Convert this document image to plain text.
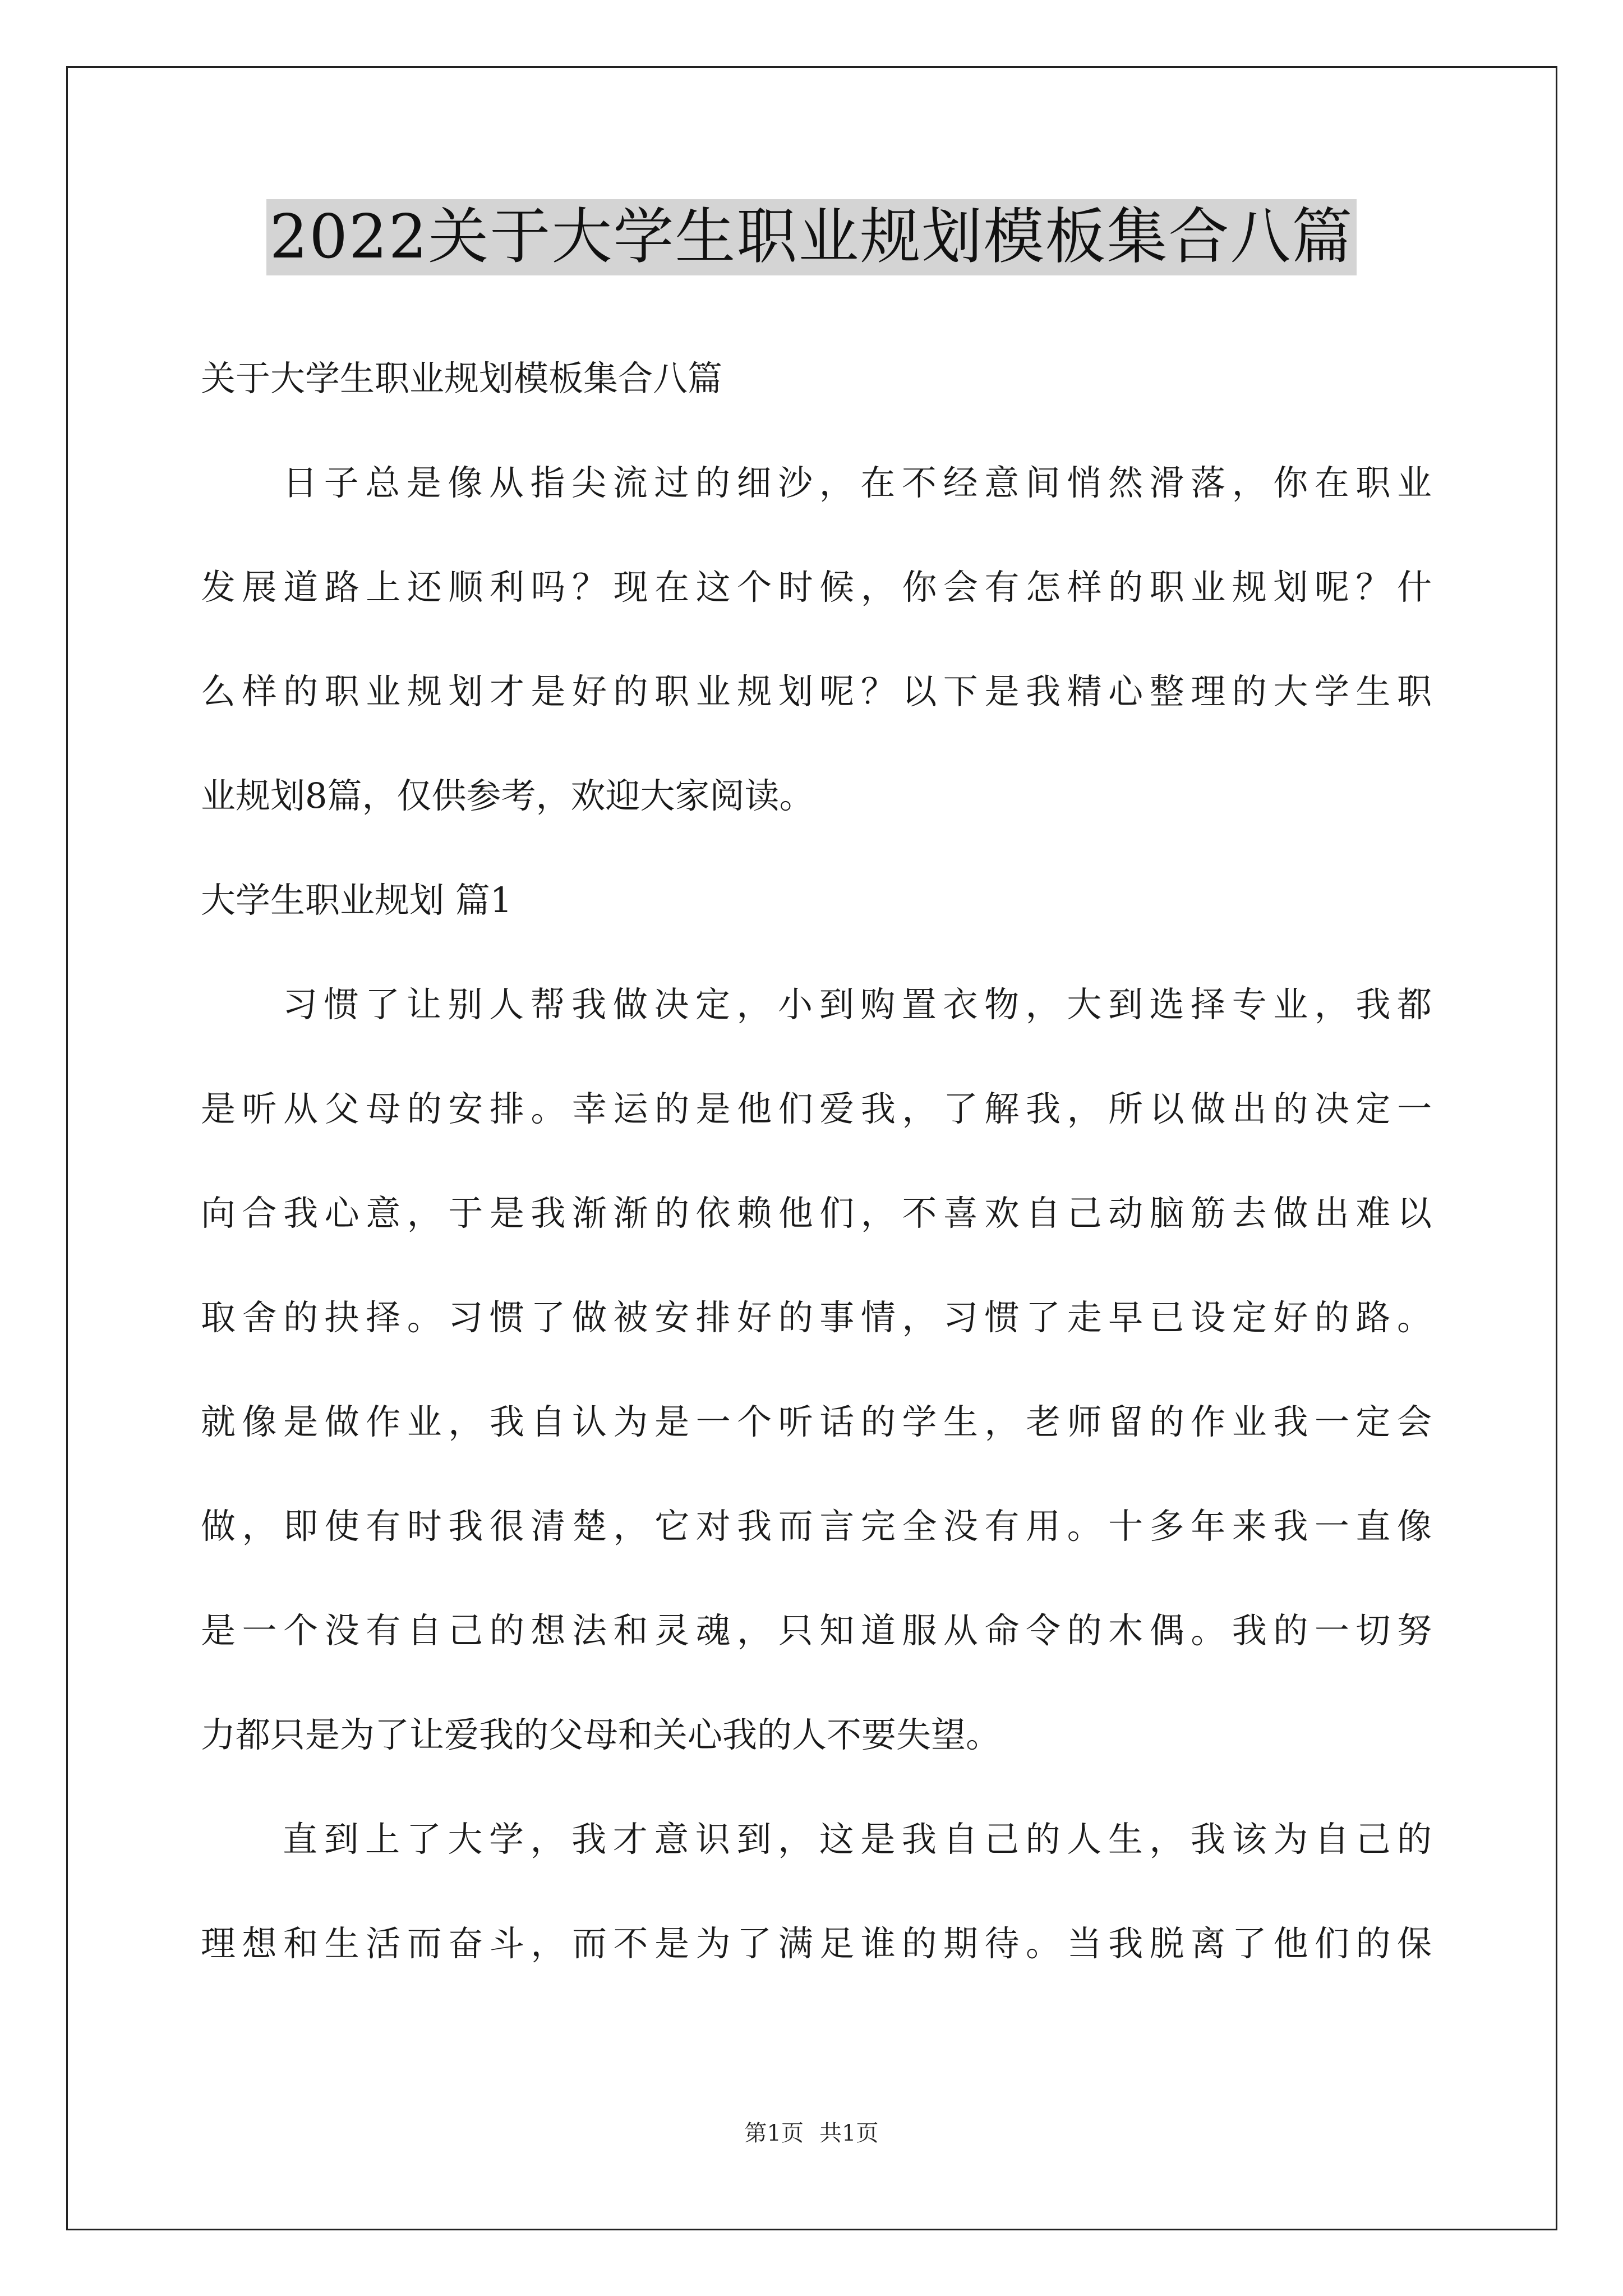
2022关于大学生职业规划模板集合八篇
关于大学生职业规划模板集合八篇
日子总是像从指尖流过的细沙，在不经意间悄然滑落，你在职业
发展道路上还顺利吗？现在这个时候，你会有怎样的职业规划呢？什
么样的职业规划才是好的职业规划呢？以下是我精心整理的大学生职
业规划8篇，仅供参考，欢迎大家阅读。
大学生职业规划 篇1
习惯了让别人帮我做决定，小到购置衣物，大到选择专业，我都
是听从父母的安排。幸运的是他们爱我，了解我，所以做出的决定一
向合我心意，于是我渐渐的依赖他们，不喜欢自己动脑筋去做出难以
取舍的抉择。习惯了做被安排好的事情，习惯了走早已设定好的路。
就像是做作业，我自认为是一个听话的学生，老师留的作业我一定会
做，即使有时我很清楚，它对我而言完全没有用。十多年来我一直像
是一个没有自己的想法和灵魂，只知道服从命令的木偶。我的一切努
力都只是为了让爱我的父母和关心我的人不要失望。
直到上了大学，我才意识到，这是我自己的人生，我该为自己的
理想和生活而奋斗，而不是为了满足谁的期待。当我脱离了他们的保
第1页 共1页
